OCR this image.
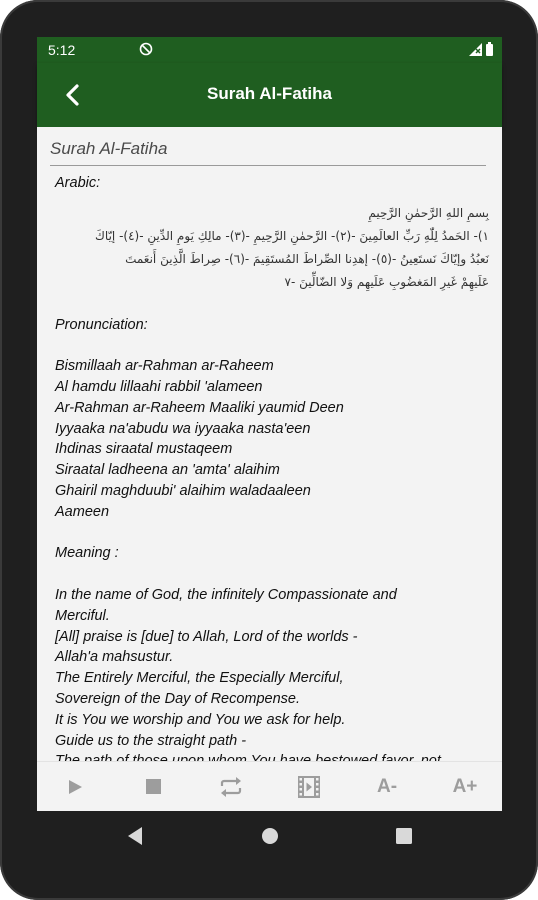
5:12
Surah Al-Fatiha
Surah Al-Fatiha

Arabic:

بِسمِ اللهِ الرَّحمٰنِ الرَّحِيمِ

١)- الحَمدُ لِلّٰهِ رَبِّ العالَمِينَ -(٢)- الرَّحمٰنِ الرَّحِيمِ -(٣)- مالِكِ يَومِ الدِّينِ -(٤)- إيّاكَ

نَعبُدُ وإيّاكَ نَستَعِينُ -(٥)- إهدِنا الصِّراطَ المُستَقِيمَ -(٦)- صِراطَ الَّذِينَ أَنعَمتَ

عَلَيهِمْ غَيرِ المَغضُوبِ عَلَيهِم وَلا الضّالِّينَ -٧

Pronunciation:

Bismillaah ar-Rahman ar-Raheem

Al hamdu lillaahi rabbil 'alameen

Ar-Rahman ar-Raheem Maaliki yaumid Deen

Iyyaaka na'abudu wa iyyaaka nasta'een

Ihdinas siraatal mustaqeem

Siraatal ladheena an 'amta' alaihim

Ghairil maghduubi' alaihim waladaaleen

Aameen

Meaning :

In the name of God, the infinitely Compassionate and

Merciful.

[All] praise is [due] to Allah, Lord of the worlds -

Allah'a mahsustur.

The Entirely Merciful, the Especially Merciful,

Sovereign of the Day of Recompense.

It is You we worship and You we ask for help.

Guide us to the straight path -

A-	A+
